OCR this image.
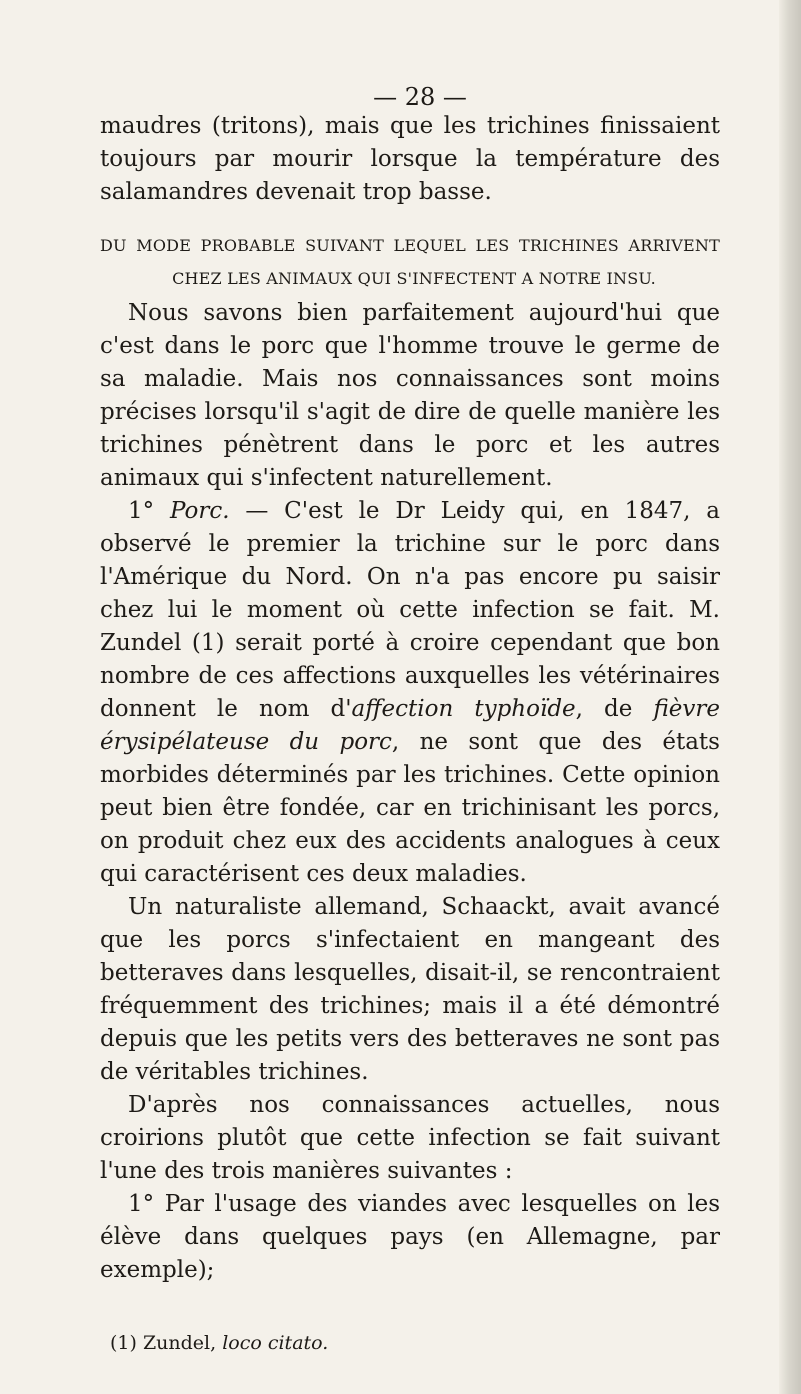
— 28 —

maudres (tritons), mais que les trichines finissaient toujours par mourir lorsque la température des salamandres devenait trop basse.

DU MODE PROBABLE SUIVANT LEQUEL LES TRICHINES ARRIVENT
CHEZ LES ANIMAUX QUI S'INFECTENT A NOTRE INSU.

Nous savons bien parfaitement aujourd'hui que c'est dans le porc que l'homme trouve le germe de sa maladie. Mais nos connaissances sont moins précises lorsqu'il s'agit de dire de quelle manière les trichines pénètrent dans le porc et les autres animaux qui s'infectent naturellement.

1° Porc. — C'est le Dr Leidy qui, en 1847, a observé le premier la trichine sur le porc dans l'Amérique du Nord. On n'a pas encore pu saisir chez lui le moment où cette infection se fait. M. Zundel (1) serait porté à croire cependant que bon nombre de ces affections auxquelles les vétérinaires donnent le nom d'affection typhoïde, de fièvre érysipélateuse du porc, ne sont que des états morbides déterminés par les trichines. Cette opinion peut bien être fondée, car en trichinisant les porcs, on produit chez eux des accidents analogues à ceux qui caractérisent ces deux maladies.

Un naturaliste allemand, Schaackt, avait avancé que les porcs s'infectaient en mangeant des betteraves dans lesquelles, disait-il, se rencontraient fréquemment des trichines; mais il a été démontré depuis que les petits vers des betteraves ne sont pas de véritables trichines.

D'après nos connaissances actuelles, nous croirions plutôt que cette infection se fait suivant l'une des trois manières suivantes :

1° Par l'usage des viandes avec lesquelles on les élève dans quelques pays (en Allemagne, par exemple);

(1) Zundel, loco citato.
